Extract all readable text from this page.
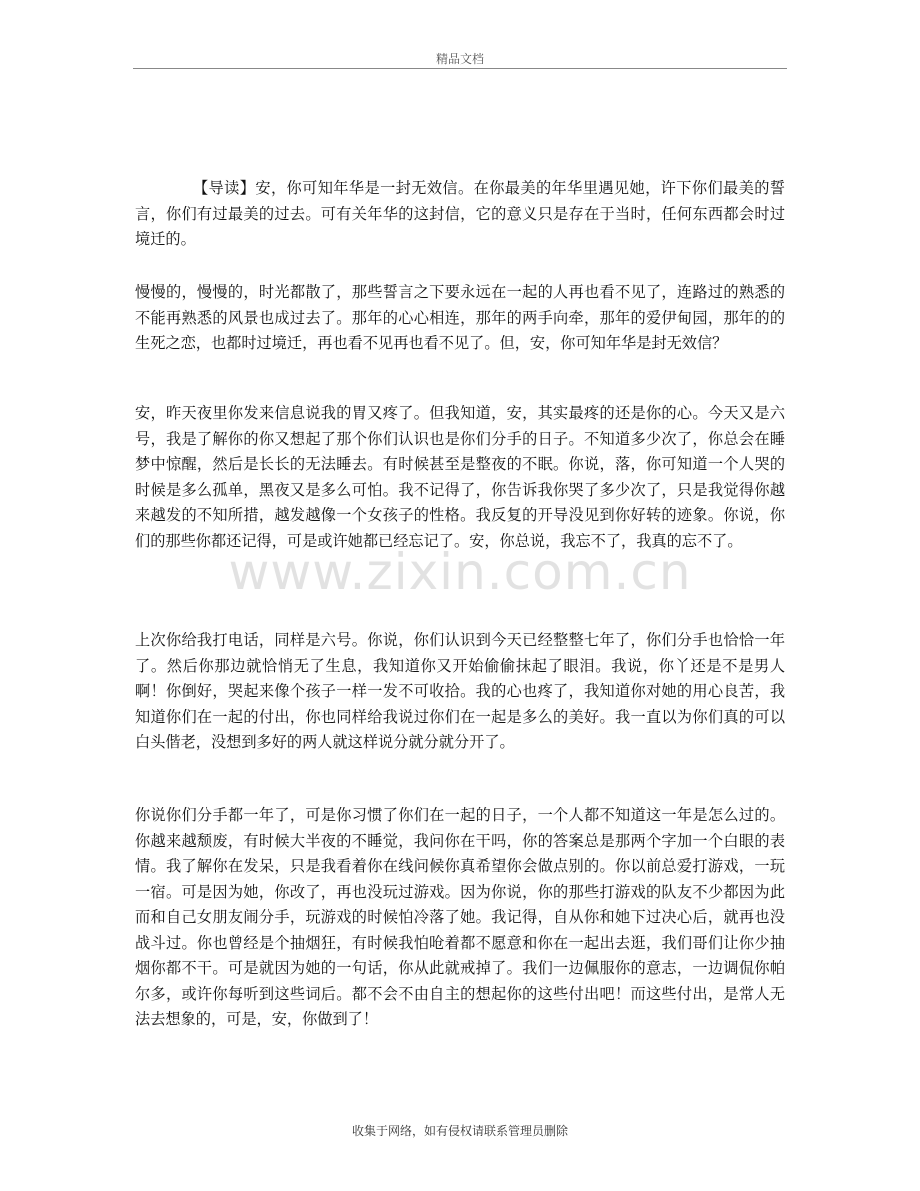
精品文档
www.zixin.com.cn

【导读】安，你可知年华是一封无效信。在你最美的年华里遇见她，许下你们最美的誓言，你们有过最美的过去。可有关年华的这封信，它的意义只是存在于当时，任何东西都会时过境迁的。

慢慢的，慢慢的，时光都散了，那些誓言之下要永远在一起的人再也看不见了，连路过的熟悉的不能再熟悉的风景也成过去了。那年的心心相连，那年的两手向牵，那年的爱伊甸园，那年的的生死之恋，也都时过境迁，再也看不见再也看不见了。但，安，你可知年华是封无效信？

安，昨天夜里你发来信息说我的胃又疼了。但我知道，安，其实最疼的还是你的心。今天又是六号，我是了解你的你又想起了那个你们认识也是你们分手的日子。不知道多少次了，你总会在睡梦中惊醒，然后是长长的无法睡去。有时候甚至是整夜的不眠。你说，落，你可知道一个人哭的时候是多么孤单，黑夜又是多么可怕。我不记得了，你告诉我你哭了多少次了，只是我觉得你越来越发的不知所措，越发越像一个女孩子的性格。我反复的开导没见到你好转的迹象。你说，你们的那些你都还记得，可是或许她都已经忘记了。安，你总说，我忘不了，我真的忘不了。

上次你给我打电话，同样是六号。你说，你们认识到今天已经整整七年了，你们分手也恰恰一年了。然后你那边就恰悄无了生息，我知道你又开始偷偷抹起了眼泪。我说，你丫还是不是男人啊！你倒好，哭起来像个孩子一样一发不可收拾。我的心也疼了，我知道你对她的用心良苦，我知道你们在一起的付出，你也同样给我说过你们在一起是多么的美好。我一直以为你们真的可以白头偕老，没想到多好的两人就这样说分就分就分开了。

你说你们分手都一年了，可是你习惯了你们在一起的日子，一个人都不知道这一年是怎么过的。你越来越颓废，有时候大半夜的不睡觉，我问你在干吗，你的答案总是那两个字加一个白眼的表情。我了解你在发呆，只是我看着你在线问候你真希望你会做点别的。你以前总爱打游戏，一玩一宿。可是因为她，你改了，再也没玩过游戏。因为你说，你的那些打游戏的队友不少都因为此而和自己女朋友闹分手，玩游戏的时候怕冷落了她。我记得，自从你和她下过决心后，就再也没战斗过。你也曾经是个抽烟狂，有时候我怕呛着都不愿意和你在一起出去逛，我们哥们让你少抽烟你都不干。可是就因为她的一句话，你从此就戒掉了。我们一边佩服你的意志，一边调侃你帕尔多，或许你每听到这些词后。都不会不由自主的想起你的这些付出吧！而这些付出，是常人无法去想象的，可是，安，你做到了！

收集于网络，如有侵权请联系管理员删除
